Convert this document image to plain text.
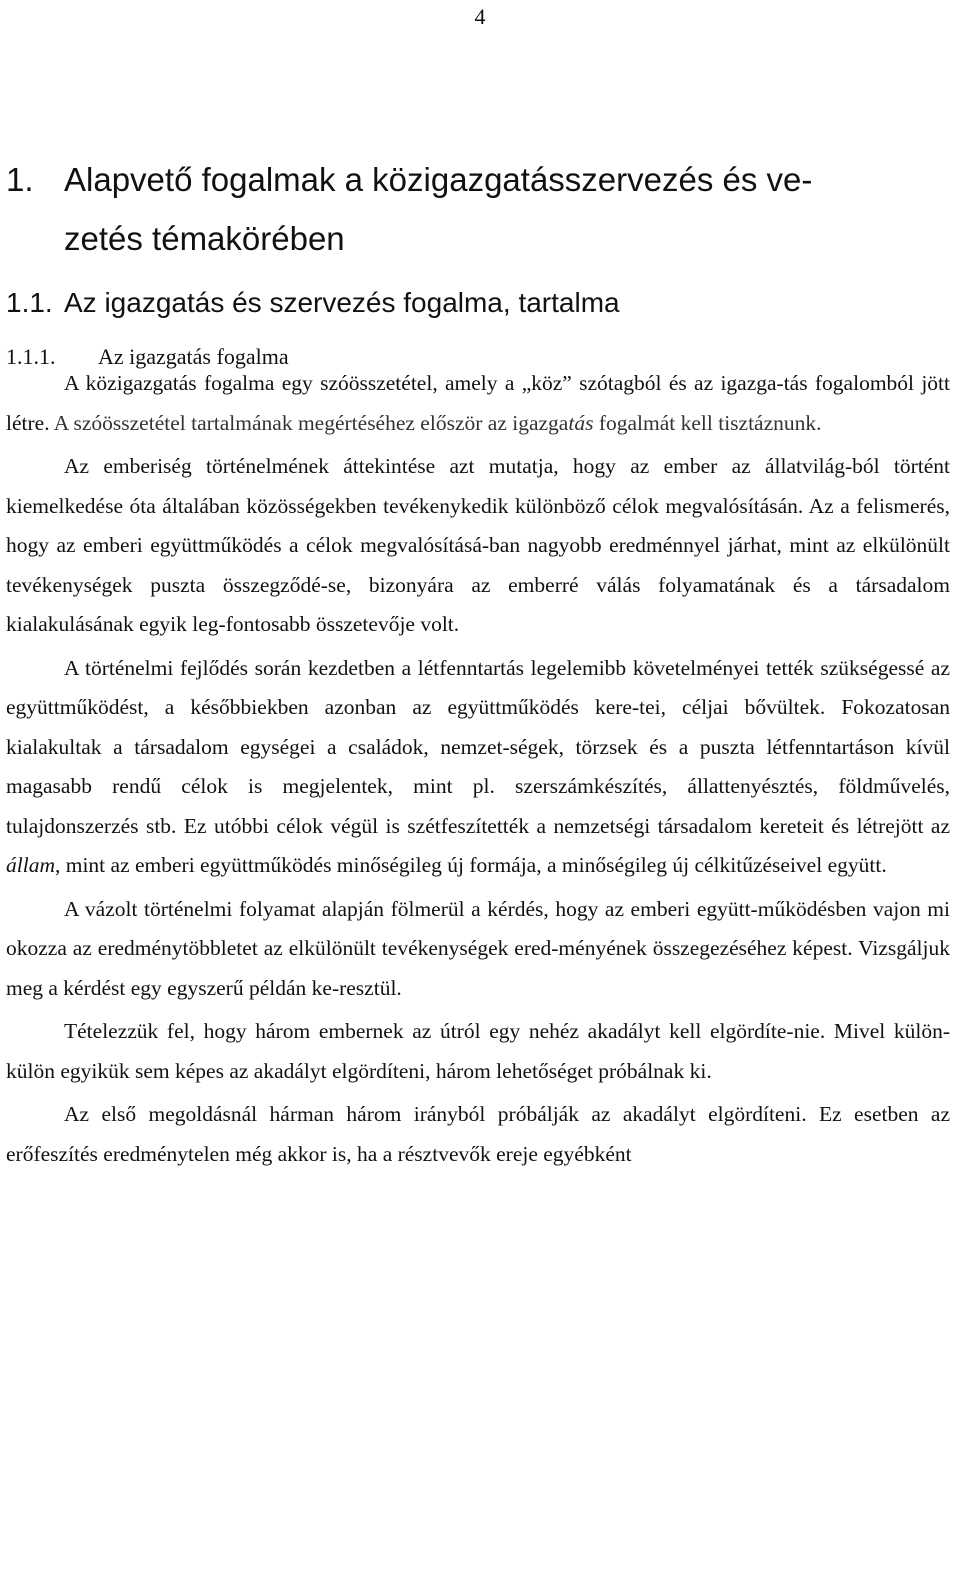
4
1. Alapvető fogalmak a közigazgatásszervezés és ve-
zetés témakörében
1.1. Az igazgatás és szervezés fogalma, tartalma
1.1.1. Az igazgatás fogalma

A közigazgatás fogalma egy szóösszetétel, amely a „köz” szótagból és az igazga-tás fogalomból jött létre. A szóösszetétel tartalmának megértéséhez először az igazgatás fogalmát kell tisztáznunk.

Az emberiség történelmének áttekintése azt mutatja, hogy az ember az állatvilág-ból történt kiemelkedése óta általában közösségekben tevékenykedik különböző célok megvalósításán. Az a felismerés, hogy az emberi együttműködés a célok megvalósításá-ban nagyobb eredménnyel járhat, mint az elkülönült tevékenységek puszta összegződé-se, bizonyára az emberré válás folyamatának és a társadalom kialakulásának egyik leg-fontosabb összetevője volt.

A történelmi fejlődés során kezdetben a létfenntartás legelemibb követelményei tették szükségessé az együttműködést, a későbbiekben azonban az együttműködés kere-tei, céljai bővültek. Fokozatosan kialakultak a társadalom egységei a családok, nemzet-ségek, törzsek és a puszta létfenntartáson kívül magasabb rendű célok is megjelentek, mint pl. szerszámkészítés, állattenyésztés, földművelés, tulajdonszerzés stb. Ez utóbbi célok végül is szétfeszítették a nemzetségi társadalom kereteit és létrejött az állam, mint az emberi együttműködés minőségileg új formája, a minőségileg új célkitűzéseivel együtt.

A vázolt történelmi folyamat alapján fölmerül a kérdés, hogy az emberi együtt-működésben vajon mi okozza az eredménytöbbletet az elkülönült tevékenységek ered-ményének összegezéséhez képest. Vizsgáljuk meg a kérdést egy egyszerű példán ke-resztül.

Tételezzük fel, hogy három embernek az útról egy nehéz akadályt kell elgördíte-nie. Mivel külön-külön egyikük sem képes az akadályt elgördíteni, három lehetőséget próbálnak ki.

Az első megoldásnál hárman három irányból próbálják az akadályt elgördíteni. Ez esetben az erőfeszítés eredménytelen még akkor is, ha a résztvevők ereje egyébként
